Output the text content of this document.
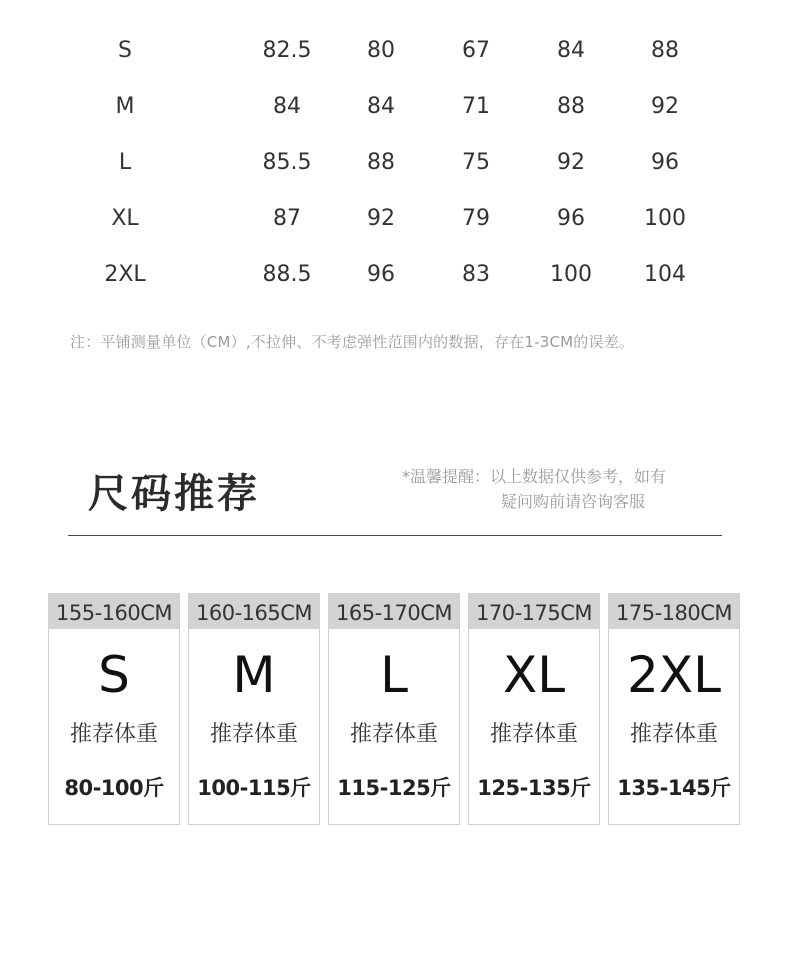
S	82.5	80	67	84	88
M	84	84	71	88	92
L	85.5	88	75	92	96
XL	87	92	79	96	100
2XL	88.5	96	83	100	104
注：平铺测量单位（CM）,不拉伸、不考虑弹性范围内的数据，存在1-3CM的误差。
尺码推荐	*温馨提醒：以上数据仅供参考，如有
疑问购前请咨询客服
155-160CM
S
推荐体重
80-100斤
160-165CM
M
推荐体重
100-115斤
165-170CM
L
推荐体重
115-125斤
170-175CM
XL
推荐体重
125-135斤
175-180CM
2XL
推荐体重
135-145斤
